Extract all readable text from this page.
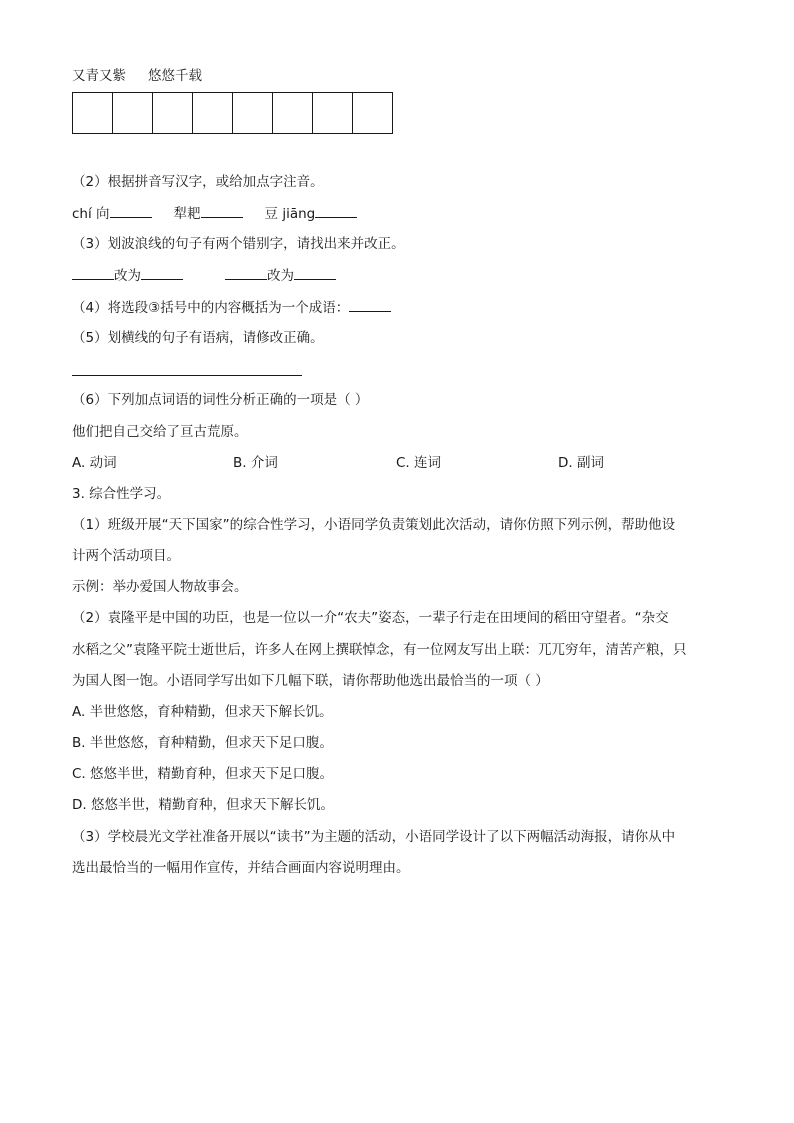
又青又紫 悠悠千载
（2）根据拼音写汉字，或给加点字注音。
chí 向	犁耙	豆 jiāng
（3）划波浪线的句子有两个错别字，请找出来并改正。
改为	改为
（4）将选段③括号中的内容概括为一个成语：
（5）划横线的句子有语病，请修改正确。
（6）下列加点词语的词性分析正确的一项是（ ）
他们把自己交给了亘古荒原。
A. 动词	B. 介词	C. 连词	D. 副词
3. 综合性学习。
（1）班级开展“天下国家”的综合性学习，小语同学负责策划此次活动，请你仿照下列示例，帮助他设
计两个活动项目。
示例：举办爱国人物故事会。
（2）袁隆平是中国的功臣，也是一位以一介“农夫”姿态，一辈子行走在田埂间的稻田守望者。“杂交
水稻之父”袁隆平院士逝世后，许多人在网上撰联悼念，有一位网友写出上联：兀兀穷年，清苦产粮，只
为国人图一饱。小语同学写出如下几幅下联，请你帮助他选出最恰当的一项（ ）
A. 半世悠悠，育种精勤，但求天下解长饥。
B. 半世悠悠，育种精勤，但求天下足口腹。
C. 悠悠半世，精勤育种，但求天下足口腹。
D. 悠悠半世，精勤育种，但求天下解长饥。
（3）学校晨光文学社准备开展以“读书”为主题的活动，小语同学设计了以下两幅活动海报，请你从中
选出最恰当的一幅用作宣传，并结合画面内容说明理由。
